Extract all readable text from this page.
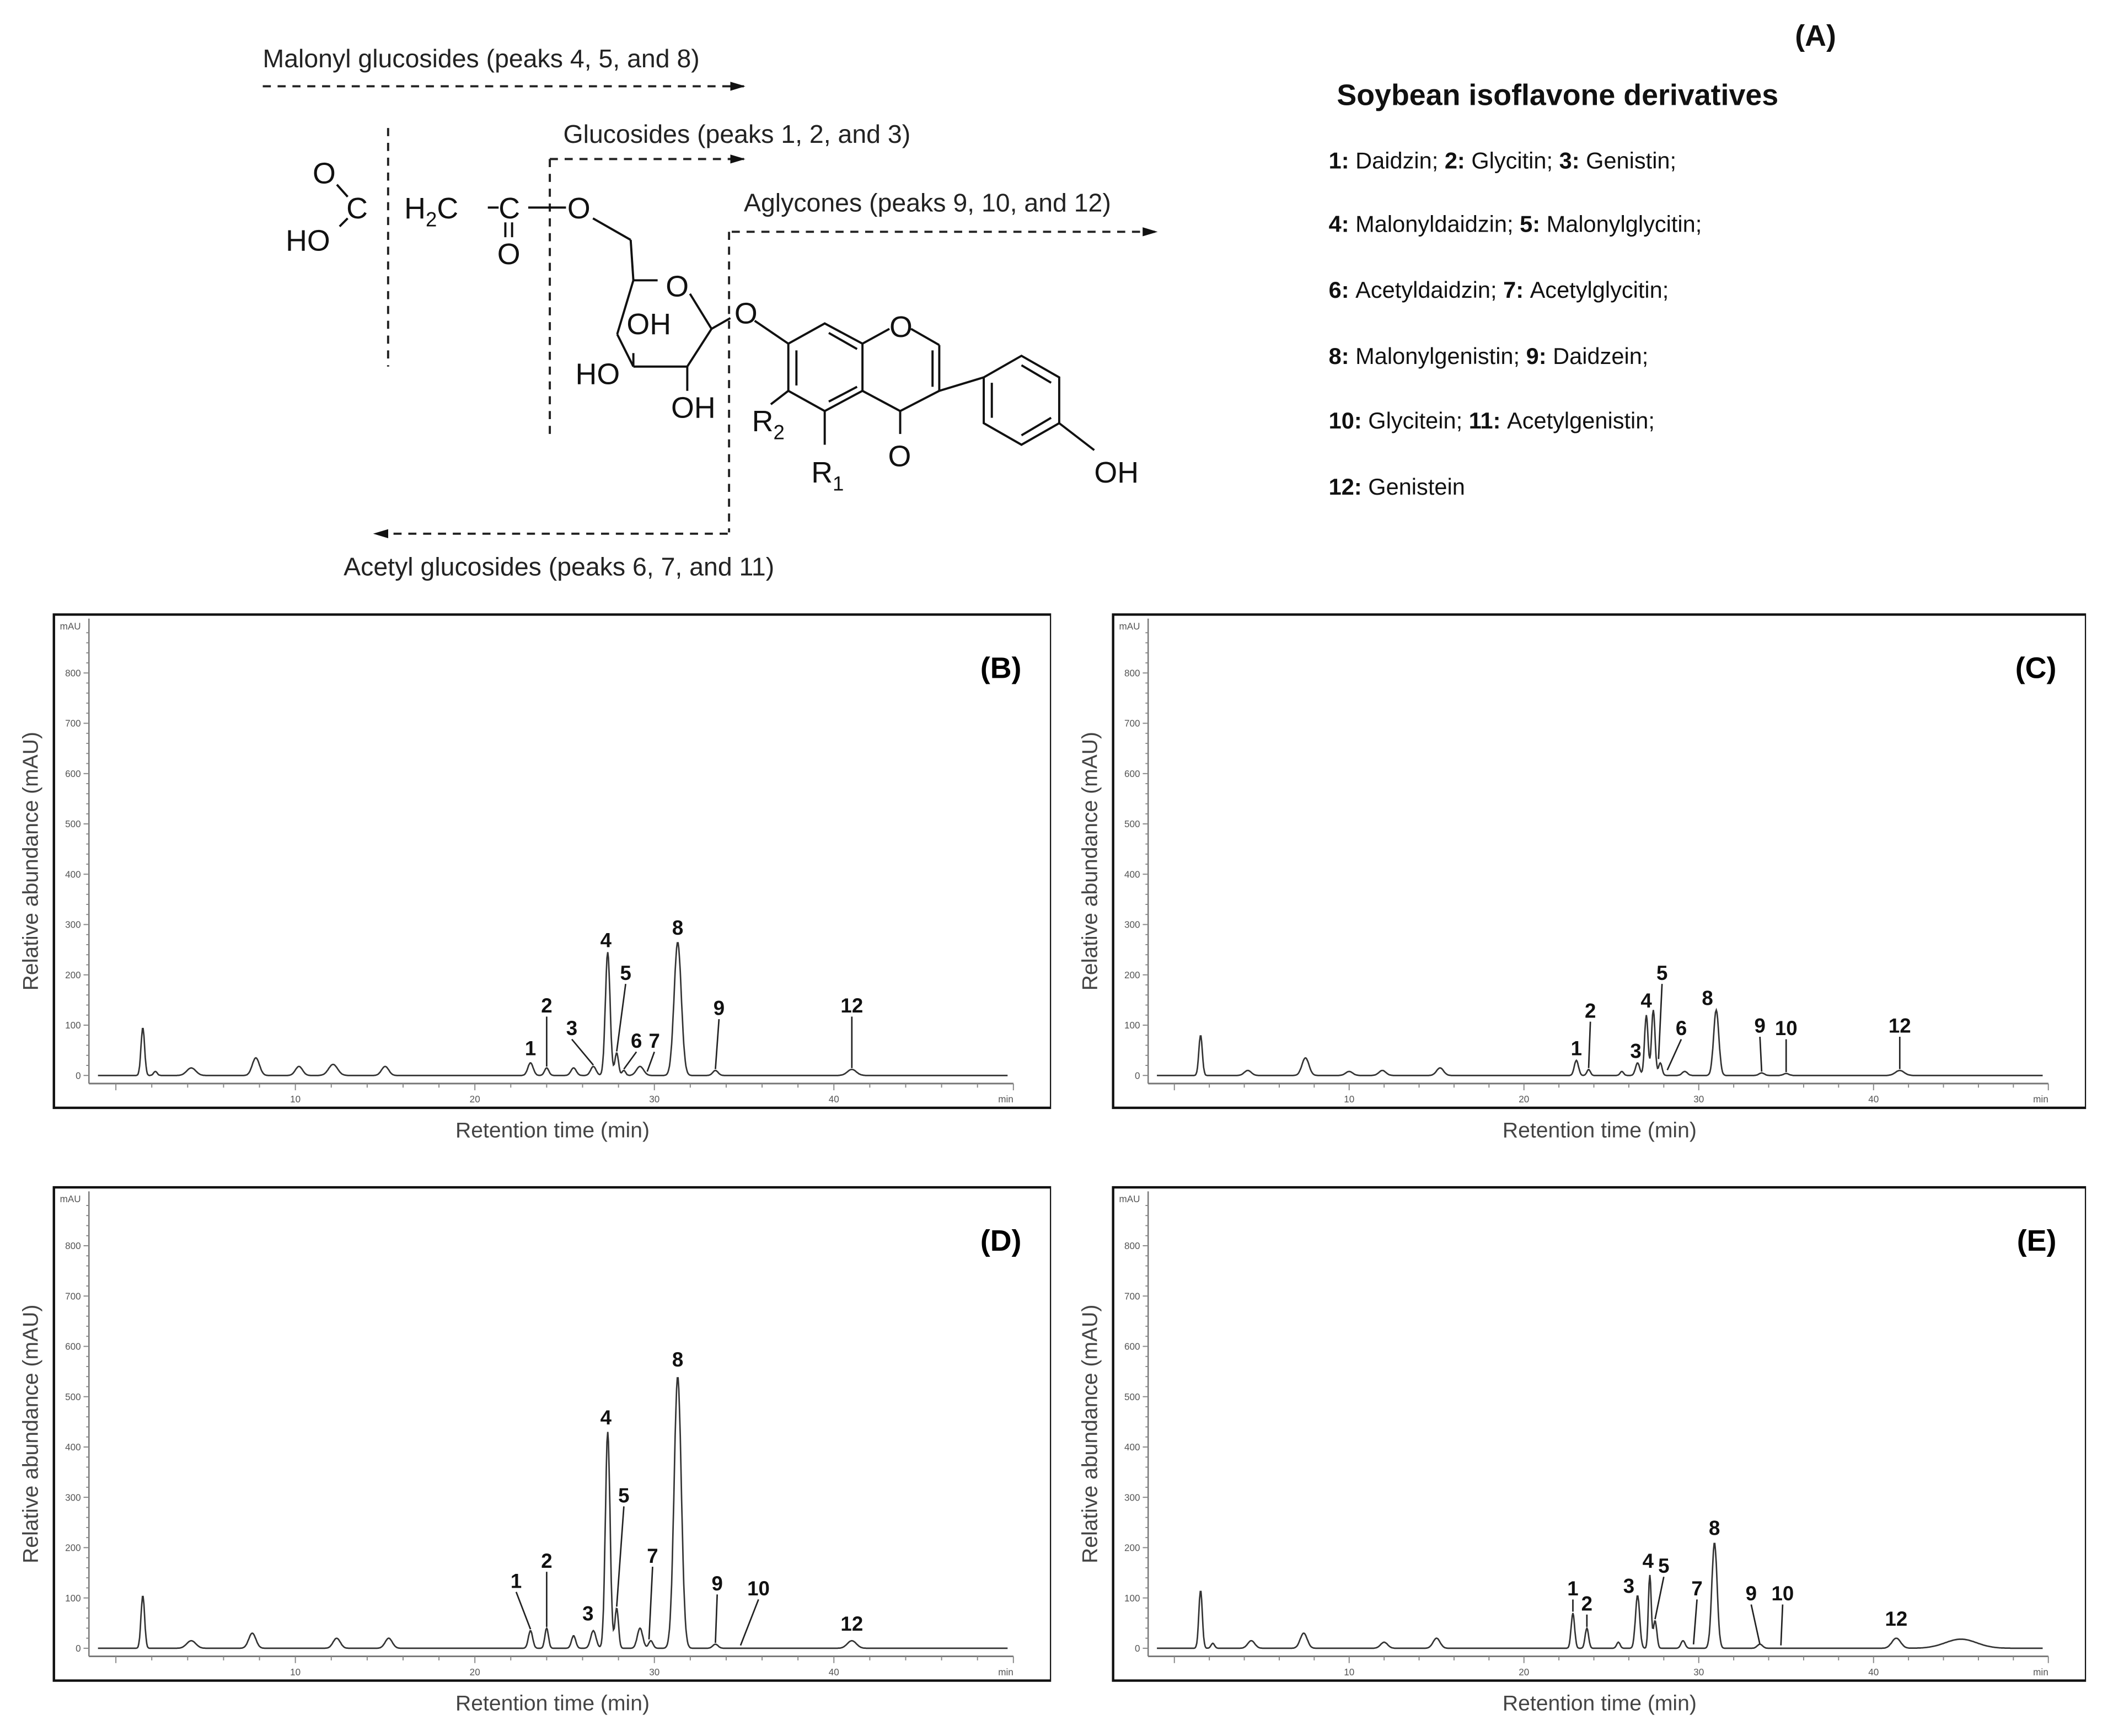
Malonyl glucosides (peaks 4, 5, and 8)
Glucosides (peaks 1, 2, and 3)
Aglycones (peaks 9, 10, and 12)
Acetyl glucosides (peaks 6, 7, and 11)
O
C
HO
$H_2C$	C
O
O
O
OH
HO
OH
O	O
O
$R_2$
$R_1$	OH
(A)
Soybean isoflavone derivatives
1: Daidzin; 2: Glycitin; 3: Genistin;
4: Malonyldaidzin; 5: Malonylglycitin;
6: Acetyldaidzin; 7: Acetylglycitin;
8: Malonylgenistin; 9: Daidzein;
10: Glycitein; 11: Acetylgenistin;
12: Genistein
0
100
200
300
400
500
600
700
800
mAU
10	20	30	40	min
1
2
3
4
5
6 7
8
9	12
(B)
Relative abundance (mAU)
Retention time (min)
0
100
200
300
400
500
600
700
800
mAU
10	20	30	40	min
1
2
3
4
5
6
8
9 10	12
(C)
Relative abundance (mAU)
Retention time (min)
0
100
200
300
400
500
600
700
800
mAU
10	20	30	40	min
1
2
3
4
5
7
8
9	10
12
(D)
Relative abundance (mAU)
Retention time (min)
0
100
200
300
400
500
600
700
800
mAU
10	20	30	40	min
1
2
3
4 5
7
8
9 10
12
(E)
Relative abundance (mAU)
Retention time (min)
